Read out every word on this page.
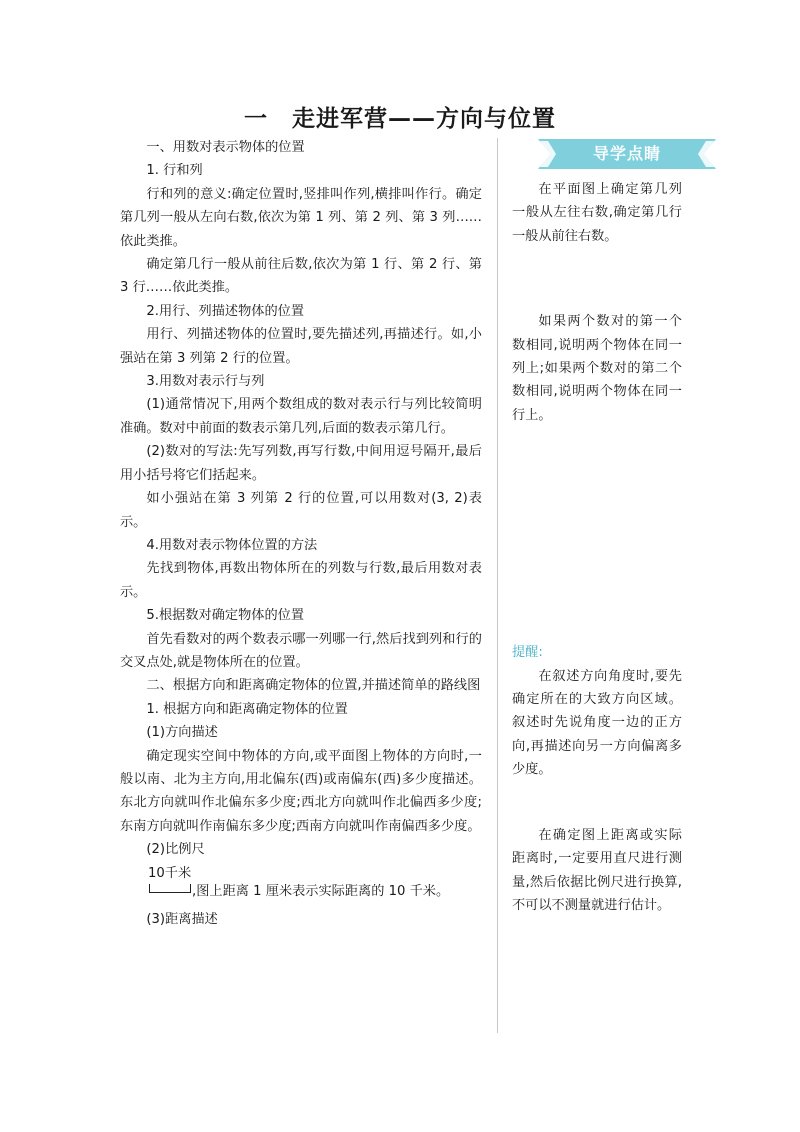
一　走进军营——方向与位置

一、用数对表示物体的位置

1. 行和列

行和列的意义:确定位置时,竖排叫作列,横排叫作行。确定第几列一般从左向右数,依次为第 1 列、第 2 列、第 3 列……依此类推。

确定第几行一般从前往后数,依次为第 1 行、第 2 行、第 3 行……依此类推。

2.用行、列描述物体的位置

用行、列描述物体的位置时,要先描述列,再描述行。如,小强站在第 3 列第 2 行的位置。

3.用数对表示行与列

(1)通常情况下,用两个数组成的数对表示行与列比较简明准确。数对中前面的数表示第几列,后面的数表示第几行。

(2)数对的写法:先写列数,再写行数,中间用逗号隔开,最后用小括号将它们括起来。

如小强站在第 3 列第 2 行的位置,可以用数对(3, 2)表示。

4.用数对表示物体位置的方法

先找到物体,再数出物体所在的列数与行数,最后用数对表示。

5.根据数对确定物体的位置

首先看数对的两个数表示哪一列哪一行,然后找到列和行的交叉点处,就是物体所在的位置。

二、根据方向和距离确定物体的位置,并描述简单的路线图

1. 根据方向和距离确定物体的位置

(1)方向描述

确定现实空间中物体的方向,或平面图上物体的方向时,一般以南、北为主方向,用北偏东(西)或南偏东(西)多少度描述。东北方向就叫作北偏东多少度;西北方向就叫作北偏西多少度;东南方向就叫作南偏东多少度;西南方向就叫作南偏西多少度。

(2)比例尺

10千米
,图上距离 1 厘米表示实际距离的 10 千米。

(3)距离描述

导学点睛

在平面图上确定第几列一般从左往右数,确定第几行一般从前往右数。

如果两个数对的第一个数相同,说明两个物体在同一列上;如果两个数对的第二个数相同,说明两个物体在同一行上。

提醒:

在叙述方向角度时,要先确定所在的大致方向区域。叙述时先说角度一边的正方向,再描述向另一方向偏离多少度。

在确定图上距离或实际距离时,一定要用直尺进行测量,然后依据比例尺进行换算,不可以不测量就进行估计。
